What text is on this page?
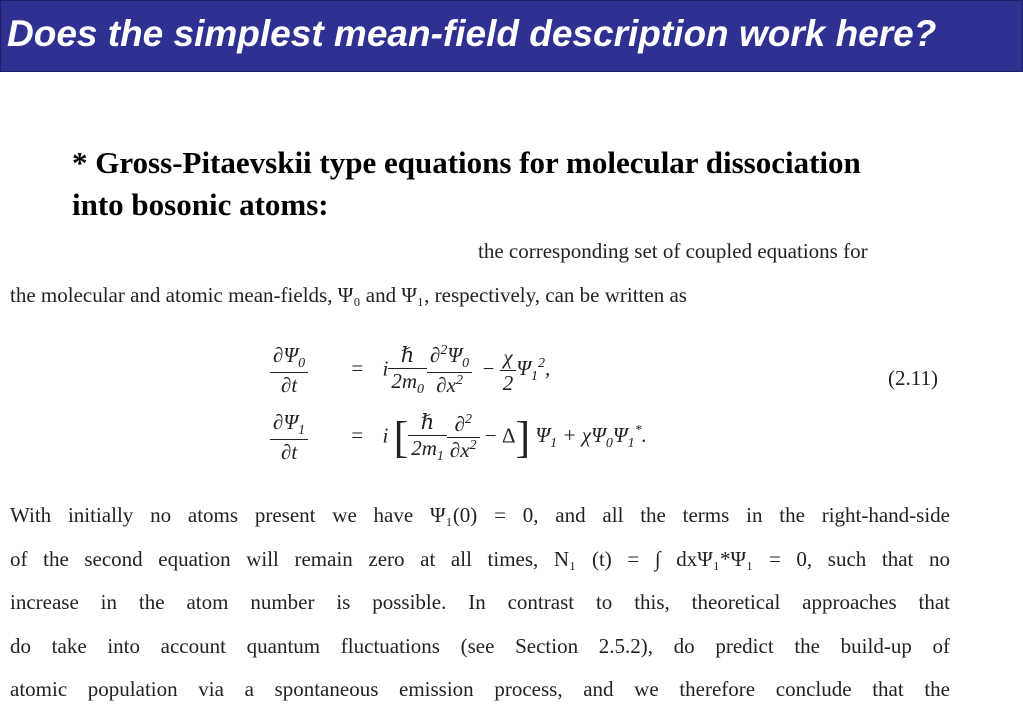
Does the simplest mean-field description work here?
* Gross-Pitaevskii type equations for molecular dissociation into bosonic atoms:
the corresponding set of coupled equations for
the molecular and atomic mean-fields, Ψ₀ and Ψ₁, respectively, can be written as
$\frac{\partial\Psi_0}{\partial t} = i \frac{\text{ℏ}}{2m_0} \frac{\partial^2\Psi_0}{\partial x^2} - \frac{\chi}{2} \Psi_1^2$,	(2.11)
$\frac{\partial\Psi_1}{\partial t} = i$ [ $\frac{\text{ℏ}}{2m_1} \frac{\partial^2}{\partial x^2} - \Delta$] $\Psi_1 + \chi\Psi_0\Psi_1^*$.
With initially no atoms present we have Ψ₁(0) = 0, and all the terms in the right-hand-side
of the second equation will remain zero at all times, N₁ (t) = ∫ dxΨ₁*Ψ₁ = 0, such that no
increase in the atom number is possible. In contrast to this, theoretical approaches that
do take into account quantum fluctuations (see Section 2.5.2), do predict the build-up of
atomic population via a spontaneous emission process, and we therefore conclude that the
